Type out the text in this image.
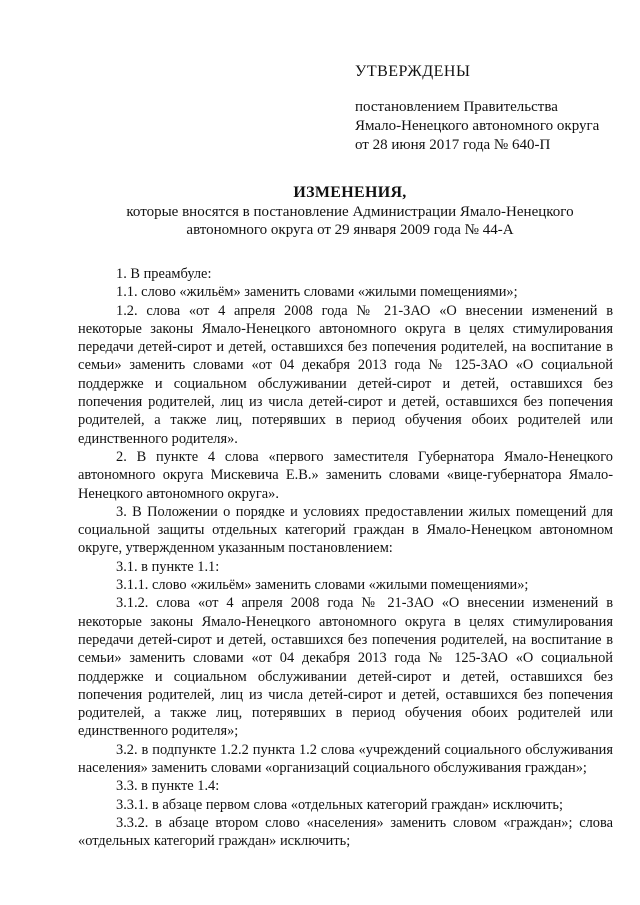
УТВЕРЖДЕНЫ
постановлением Правительства
Ямало-Ненецкого автономного округа
от 28 июня 2017 года № 640-П
ИЗМЕНЕНИЯ,
которые вносятся в постановление Администрации Ямало-Ненецкого
автономного округа от 29 января 2009 года № 44-А

1. В преамбуле:

1.1. слово «жильём» заменить словами «жилыми помещениями»;

1.2. слова «от 4 апреля 2008 года № 21-ЗАО «О внесении изменений в некоторые законы Ямало-Ненецкого автономного округа в целях стимулирования передачи детей-сирот и детей, оставшихся без попечения родителей, на воспитание в семьи» заменить словами «от 04 декабря 2013 года № 125-ЗАО «О социальной поддержке и социальном обслуживании детей-сирот и детей, оставшихся без попечения родителей, лиц из числа детей-сирот и детей, оставшихся без попечения родителей, а также лиц, потерявших в период обучения обоих родителей или единственного родителя».

2. В пункте 4 слова «первого заместителя Губернатора Ямало-Ненецкого автономного округа Мискевича Е.В.» заменить словами «вице-губернатора Ямало-Ненецкого автономного округа».

3. В Положении о порядке и условиях предоставлении жилых помещений для социальной защиты отдельных категорий граждан в Ямало-Ненецком автономном округе, утвержденном указанным постановлением:

3.1. в пункте 1.1:

3.1.1. слово «жильём» заменить словами «жилыми помещениями»;

3.1.2. слова «от 4 апреля 2008 года № 21-ЗАО «О внесении изменений в некоторые законы Ямало-Ненецкого автономного округа в целях стимулирования передачи детей-сирот и детей, оставшихся без попечения родителей, на воспитание в семьи» заменить словами «от 04 декабря 2013 года № 125-ЗАО «О социальной поддержке и социальном обслуживании детей-сирот и детей, оставшихся без попечения родителей, лиц из числа детей-сирот и детей, оставшихся без попечения родителей, а также лиц, потерявших в период обучения обоих родителей или единственного родителя»;

3.2. в подпункте 1.2.2 пункта 1.2 слова «учреждений социального обслуживания населения» заменить словами «организаций социального обслуживания граждан»;

3.3. в пункте 1.4:

3.3.1. в абзаце первом слова «отдельных категорий граждан» исключить;

3.3.2. в абзаце втором слово «населения» заменить словом «граждан»; слова «отдельных категорий граждан» исключить;
